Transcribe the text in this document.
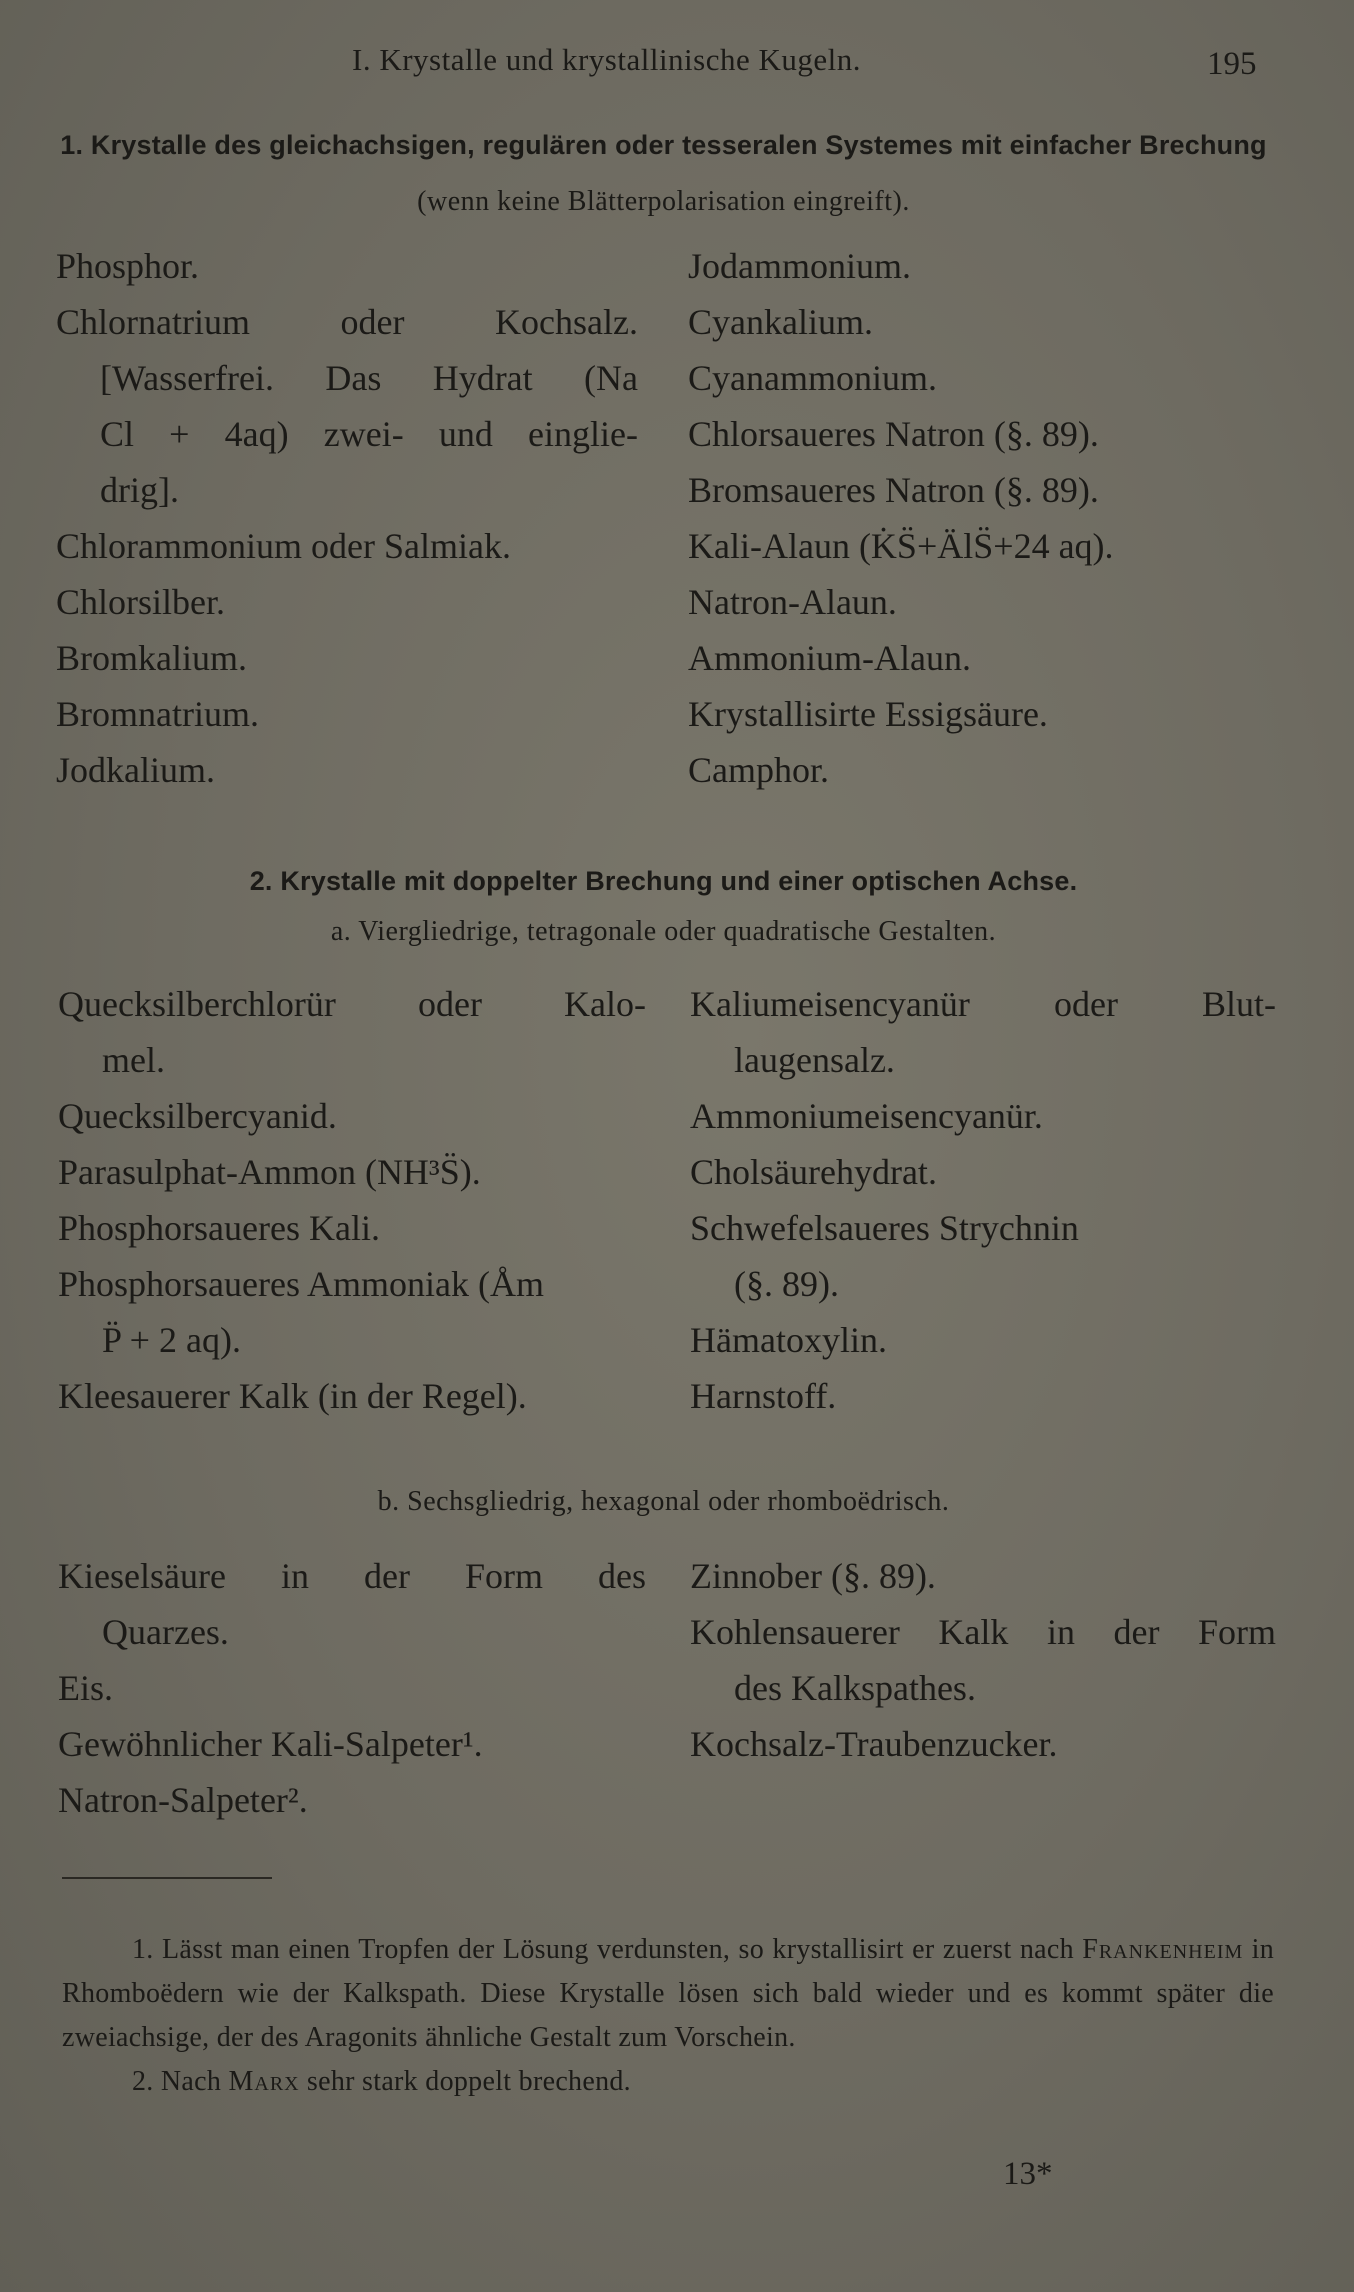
I. Krystalle und krystallinische Kugeln.	195
1. Krystalle des gleichachsigen, regulären oder tesseralen Systemes mit einfacher Brechung
(wenn keine Blätterpolarisation eingreift).

Phosphor.

Chlornatrium oder Kochsalz.

[Wasserfrei. Das Hydrat (Na

Cl + 4aq) zwei- und einglie-

drig].

Chlorammonium oder Salmiak.

Chlorsilber.

Bromkalium.

Bromnatrium.

Jodkalium.

Jodammonium.

Cyankalium.

Cyanammonium.

Chlorsaueres Natron (§. 89).

Bromsaueres Natron (§. 89).

Kali-Alaun (K̇S̈+ÄlS̈+24 aq).

Natron-Alaun.

Ammonium-Alaun.

Krystallisirte Essigsäure.

Camphor.

2. Krystalle mit doppelter Brechung und einer optischen Achse.
a. Viergliedrige, tetragonale oder quadratische Gestalten.

Quecksilberchlorür oder Kalo-

mel.

Quecksilbercyanid.

Parasulphat-Ammon (NH³S̈).

Phosphorsaueres Kali.

Phosphorsaueres Ammoniak (Åm

P̈ + 2 aq).

Kleesauerer Kalk (in der Regel).

Kaliumeisencyanür oder Blut-

laugensalz.

Ammoniumeisencyanür.

Cholsäurehydrat.

Schwefelsaueres Strychnin

(§. 89).

Hämatoxylin.

Harnstoff.

b. Sechsgliedrig, hexagonal oder rhomboëdrisch.

Kieselsäure in der Form des

Quarzes.

Eis.

Gewöhnlicher Kali-Salpeter¹.

Natron-Salpeter².

Zinnober (§. 89).

Kohlensauerer Kalk in der Form

des Kalkspathes.

Kochsalz-Traubenzucker.

1. Lässt man einen Tropfen der Lösung verdunsten, so krystallisirt er zuerst nach Frankenheim in Rhomboëdern wie der Kalkspath. Diese Krystalle lösen sich bald wieder und es kommt später die zweiachsige, der des Aragonits ähnliche Gestalt zum Vorschein.

2. Nach Marx sehr stark doppelt brechend.

13*
